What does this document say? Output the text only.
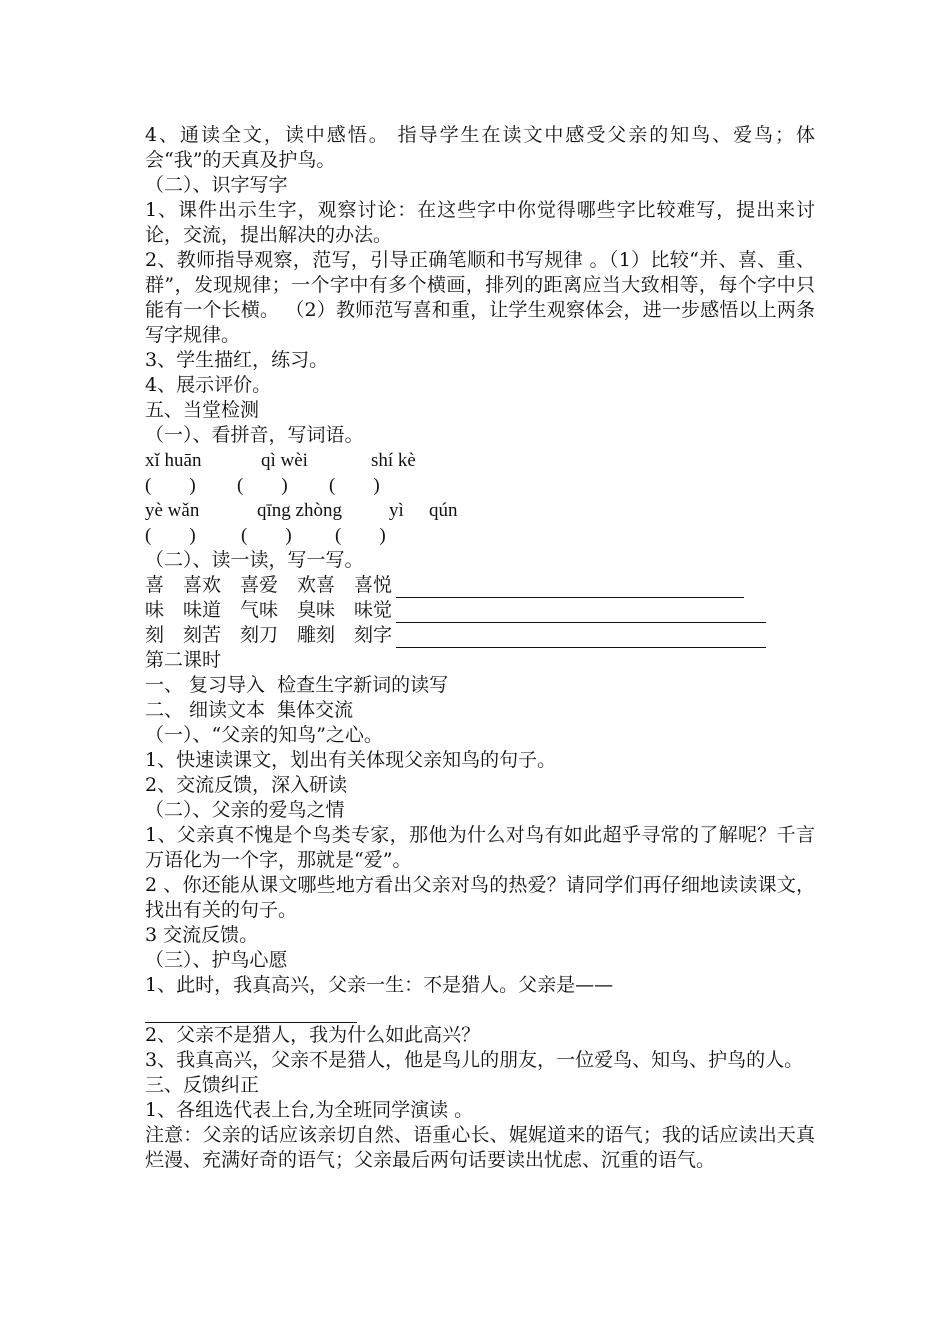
4、通读全文，读中感悟。 指导学生在读文中感受父亲的知鸟、爱鸟；体会“我”的天真及护鸟。

（二）、识字写字

1、课件出示生字，观察讨论：在这些字中你觉得哪些字比较难写，提出来讨论，交流，提出解决的办法。

2、教师指导观察，范写，引导正确笔顺和书写规律 。（1）比较“并、喜、重、群”，发现规律；一个字中有多个横画，排列的距离应当大致相等，每个字中只能有一个长横。 （2）教师范写喜和重，让学生观察体会，进一步感悟以上两条写字规律。

3、学生描红，练习。

4、展示评价。

五、当堂检测

（一）、看拼音，写词语。

xǐ huān	qì wèi	shí kè
(　　)	(　　)	(　　)
yè wǎn	qīng zhòng	yì	qún
(　　)	(　　)	(　　)

（二）、读一读，写一写。

喜　喜欢　喜爱　欢喜　喜悦
味　味道　气味　臭味　味觉
刻　刻苦　刻刀　雕刻　刻字

第二课时

一、 复习导入  检查生字新词的读写

二、 细读文本  集体交流

（一）、“父亲的知鸟”之心。

1、快速读课文，划出有关体现父亲知鸟的句子。

2、交流反馈，深入研读

（二）、父亲的爱鸟之情

1、父亲真不愧是个鸟类专家，那他为什么对鸟有如此超乎寻常的了解呢？千言万语化为一个字，那就是“爱”。

2 、你还能从课文哪些地方看出父亲对鸟的热爱？请同学们再仔细地读读课文，找出有关的句子。

3 交流反馈。

（三）、护鸟心愿

1、此时，我真高兴，父亲一生：不是猎人。父亲是——

2、父亲不是猎人，我为什么如此高兴？

3、我真高兴，父亲不是猎人，他是鸟儿的朋友，一位爱鸟、知鸟、护鸟的人。

三、反馈纠正

1、各组选代表上台,为全班同学演读 。

注意：父亲的话应该亲切自然、语重心长、娓娓道来的语气；我的话应读出天真烂漫、充满好奇的语气；父亲最后两句话要读出忧虑、沉重的语气。
